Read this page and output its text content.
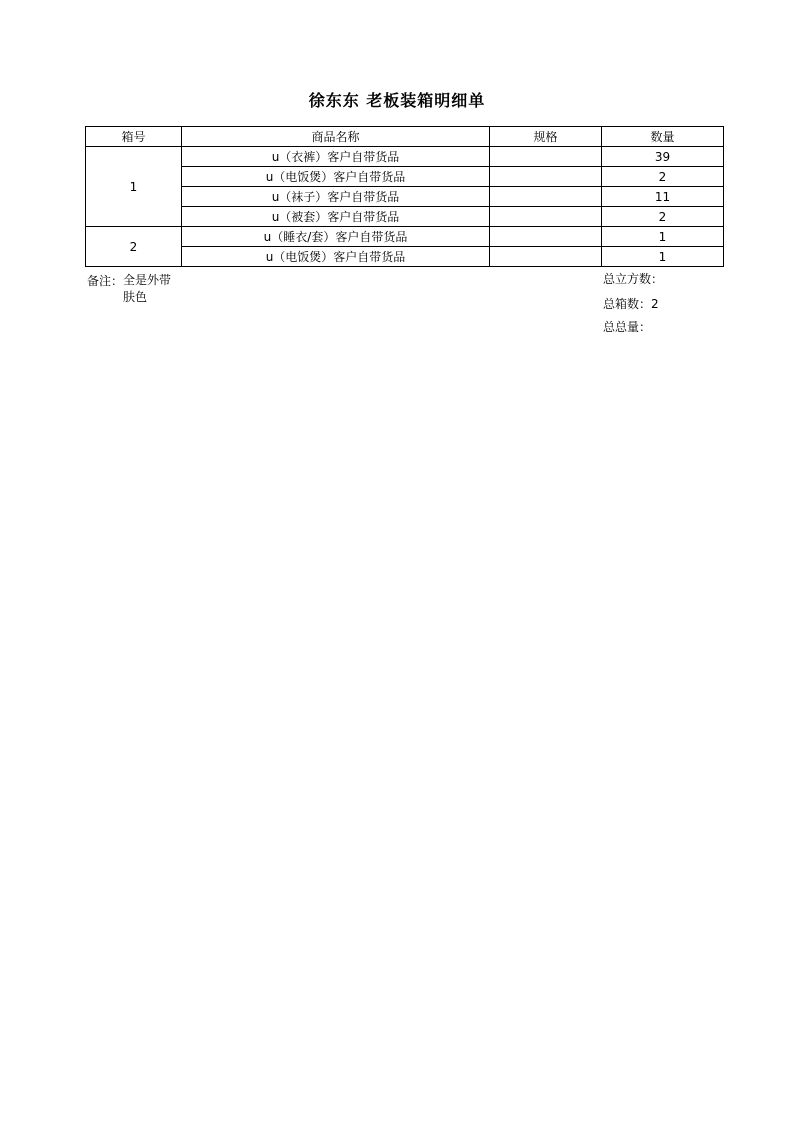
徐东东 老板装箱明细单
箱号	商品名称	规格	数量
1	u（衣裤）客户自带货品		39
	u（电饭煲）客户自带货品		2
	u（袜子）客户自带货品		11
	u（被套）客户自带货品		2
2	u（睡衣/套）客户自带货品		1
	u（电饭煲）客户自带货品		1
备注： 全是外带肤色
总立方数：
总箱数：2
总总量：
